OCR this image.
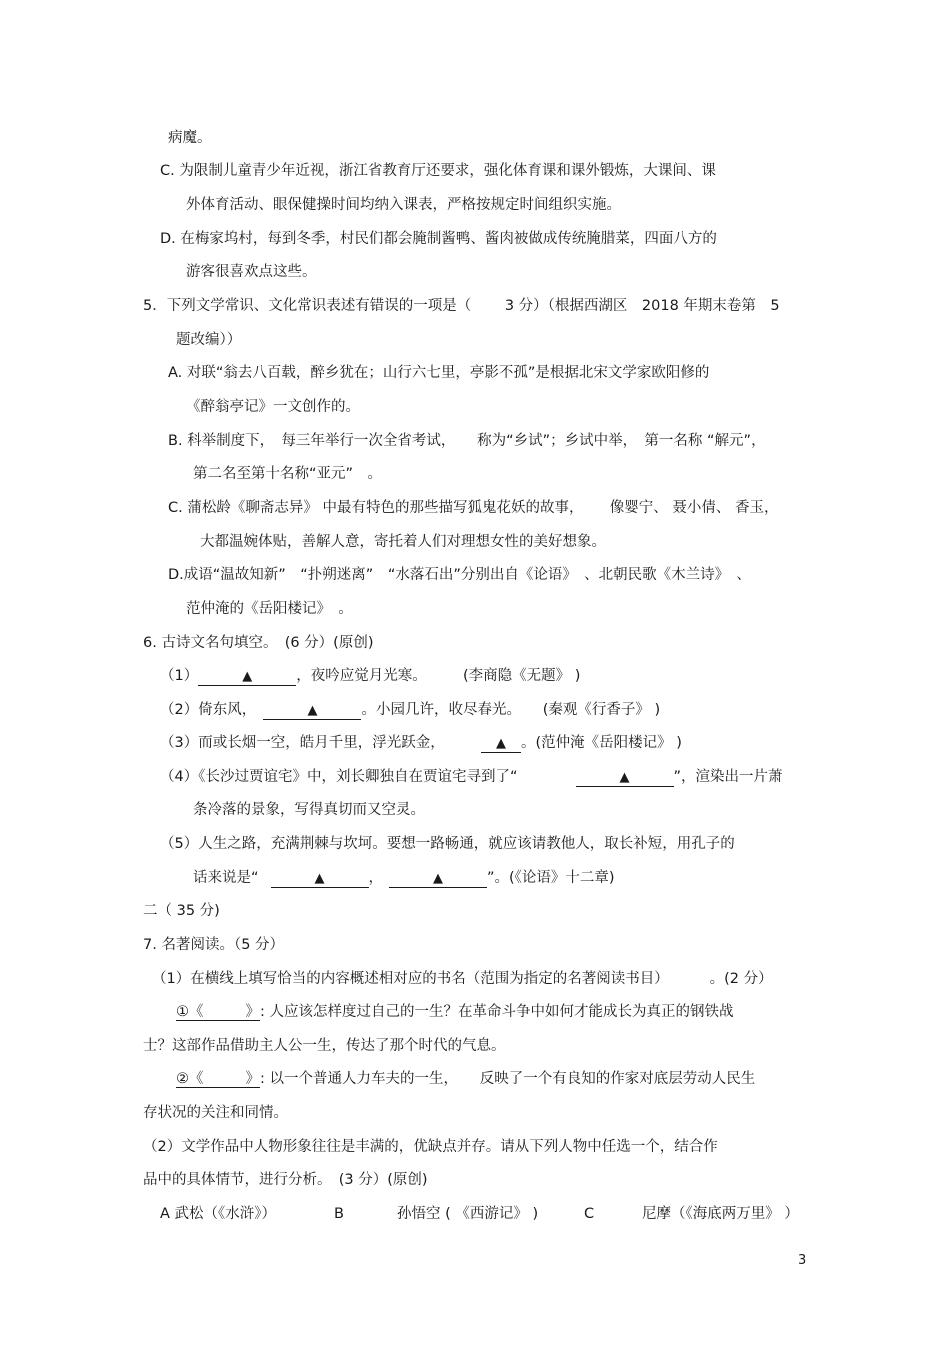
病魔。
C. 为限制儿童青少年近视，浙江省教育厅还要求，强化体育课和课外锻炼，大课间、课
外体育活动、眼保健操时间均纳入课表，严格按规定时间组织实施。
D. 在梅家坞村，每到冬季，村民们都会腌制酱鸭、酱肉被做成传统腌腊菜，四面八方的
游客很喜欢点这些。
5．下列文学常识、文化常识表述有错误的一项是（　　 3 分）（根据西湖区　2018 年期末卷第　5
题改编））
A. 对联“翁去八百载，醉乡犹在；山行六七里，亭影不孤”是根据北宋文学家欧阳修的
《醉翁亭记》一文创作的。
B. 科举制度下，　每三年举行一次全省考试，　　称为“乡试”；乡试中举，　第一名称 “解元”，
第二名至第十名称“亚元”　。
C. 蒲松龄《聊斋志异》 中最有特色的那些描写狐鬼花妖的故事，　　 像婴宁、 聂小倩、 香玉，
大都温婉体贴，善解人意，寄托着人们对理想女性的美好想象。
D.成语“温故知新”　“扑朔迷离”　“水落石出”分别出自《论语》　、北朝民歌《木兰诗》　、
范仲淹的《岳阳楼记》　。
6. 古诗文名句填空。　(6 分）(原创)
（1）	▲	，夜吟应觉月光寒。　　　(李商隐《无题》 )
（2）倚东风，　	▲	。小园几许，收尽春光。　　(秦观《行香子》 )
（3）而或长烟一空，皓月千里，浮光跃金，　　　▲ 。(范仲淹《岳阳楼记》 )
（4）《长沙过贾谊宅》中，刘长卿独自在贾谊宅寻到了“　　　　	▲	”，渲染出一片萧
条冷落的景象，写得真切而又空灵。
（5）人生之路，充满荆棘与坎坷。要想一路畅通，就应该请教他人，取长补短，用孔子的
话来说是“	▲	，	▲	”。(《论语》十二章)
二（ 35 分)
7. 名著阅读。（5 分）
（1）在横线上填写恰当的内容概述相对应的书名（范围为指定的名著阅读书目）　　　 。(2 分）
①《	》: 人应该怎样度过自己的一生？在革命斗争中如何才能成长为真正的钢铁战
士？这部作品借助主人公一生，传达了那个时代的气息。
②《	》: 以一个普通人力车夫的一生，　　反映了一个有良知的作家对底层劳动人民生
存状况的关注和同情。
（2）文学作品中人物形象往往是丰满的，优缺点并存。请从下列人物中任选一个，结合作
品中的具体情节，进行分析。　(3 分）(原创)
A 武松（《水浒》）	B	孙悟空 ( 《西游记》 )	C	尼摩（《海底两万里》 ）
3
